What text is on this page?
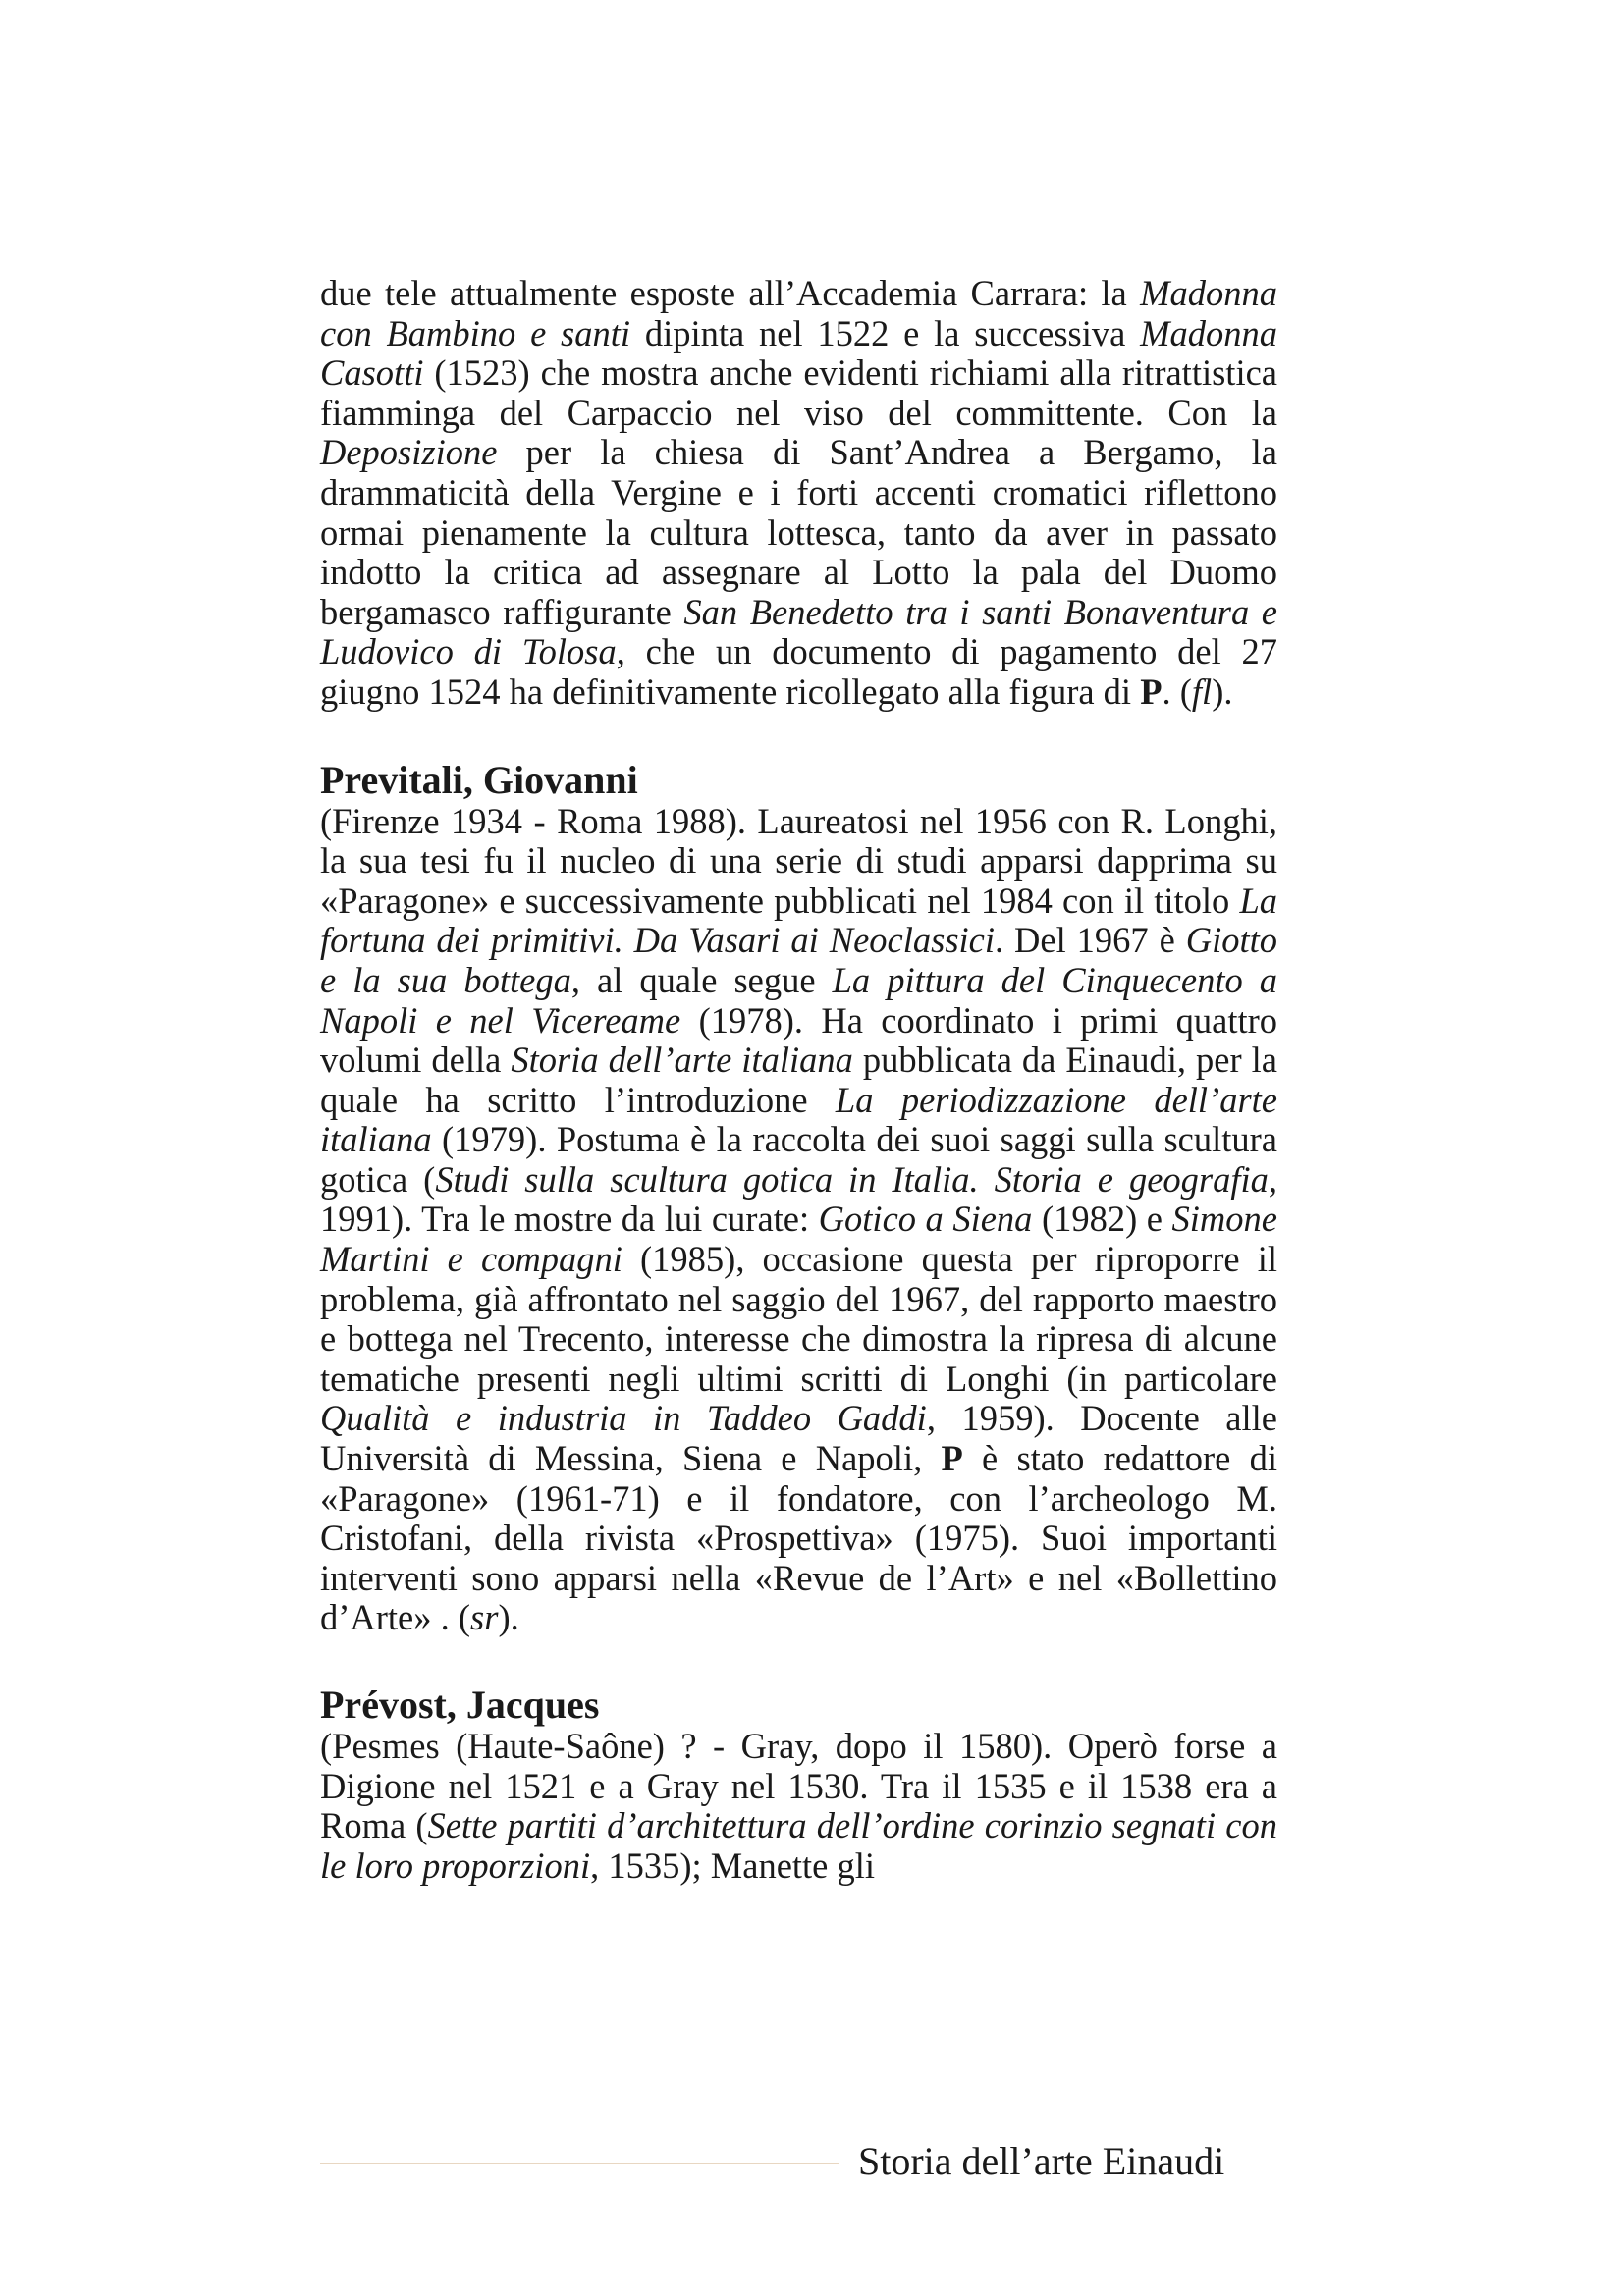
due tele attualmente esposte all’Accademia Carrara: la Madonna con Bambino e santi dipinta nel 1522 e la successiva Madonna Casotti (1523) che mostra anche evidenti richiami alla ritrattistica fiamminga del Carpaccio nel viso del committente. Con la Deposizione per la chiesa di Sant’Andrea a Bergamo, la drammaticità della Vergine e i forti accenti cromatici riflettono ormai pienamente la cultura lottesca, tanto da aver in passato indotto la critica ad assegnare al Lotto la pala del Duomo bergamasco raffigurante San Benedetto tra i santi Bonaventura e Ludovico di Tolosa, che un documento di pagamento del 27 giugno 1524 ha definitivamente ricollegato alla figura di P. (fl).

Previtali, Giovanni

(Firenze 1934 - Roma 1988). Laureatosi nel 1956 con R. Longhi, la sua tesi fu il nucleo di una serie di studi apparsi dapprima su «Paragone» e successivamente pubblicati nel 1984 con il titolo La fortuna dei primitivi. Da Vasari ai Neoclassici. Del 1967 è Giotto e la sua bottega, al quale segue La pittura del Cinquecento a Napoli e nel Vicereame (1978). Ha coordinato i primi quattro volumi della Storia dell’arte italiana pubblicata da Einaudi, per la quale ha scritto l’introduzione La periodizzazione dell’arte italiana (1979). Postuma è la raccolta dei suoi saggi sulla scultura gotica (Studi sulla scultura gotica in Italia. Storia e geografia, 1991). Tra le mostre da lui curate: Gotico a Siena (1982) e Simone Martini e compagni (1985), occasione questa per riproporre il problema, già affrontato nel saggio del 1967, del rapporto maestro e bottega nel Trecento, interesse che dimostra la ripresa di alcune tematiche presenti negli ultimi scritti di Longhi (in particolare Qualità e industria in Taddeo Gaddi, 1959). Docente alle Università di Messina, Siena e Napoli, P è stato redattore di «Paragone» (1961-71) e il fondatore, con l’archeologo M. Cristofani, della rivista «Prospettiva» (1975). Suoi importanti interventi sono apparsi nella «Revue de l’Art» e nel «Bollettino d’Arte» . (sr).

Prévost, Jacques

(Pesmes (Haute-Saône) ? - Gray, dopo il 1580). Operò forse a Digione nel 1521 e a Gray nel 1530. Tra il 1535 e il 1538 era a Roma (Sette partiti d’architettura dell’ordine corinzio segnati con le loro proporzioni, 1535); Manette gli

Storia dell’arte Einaudi
